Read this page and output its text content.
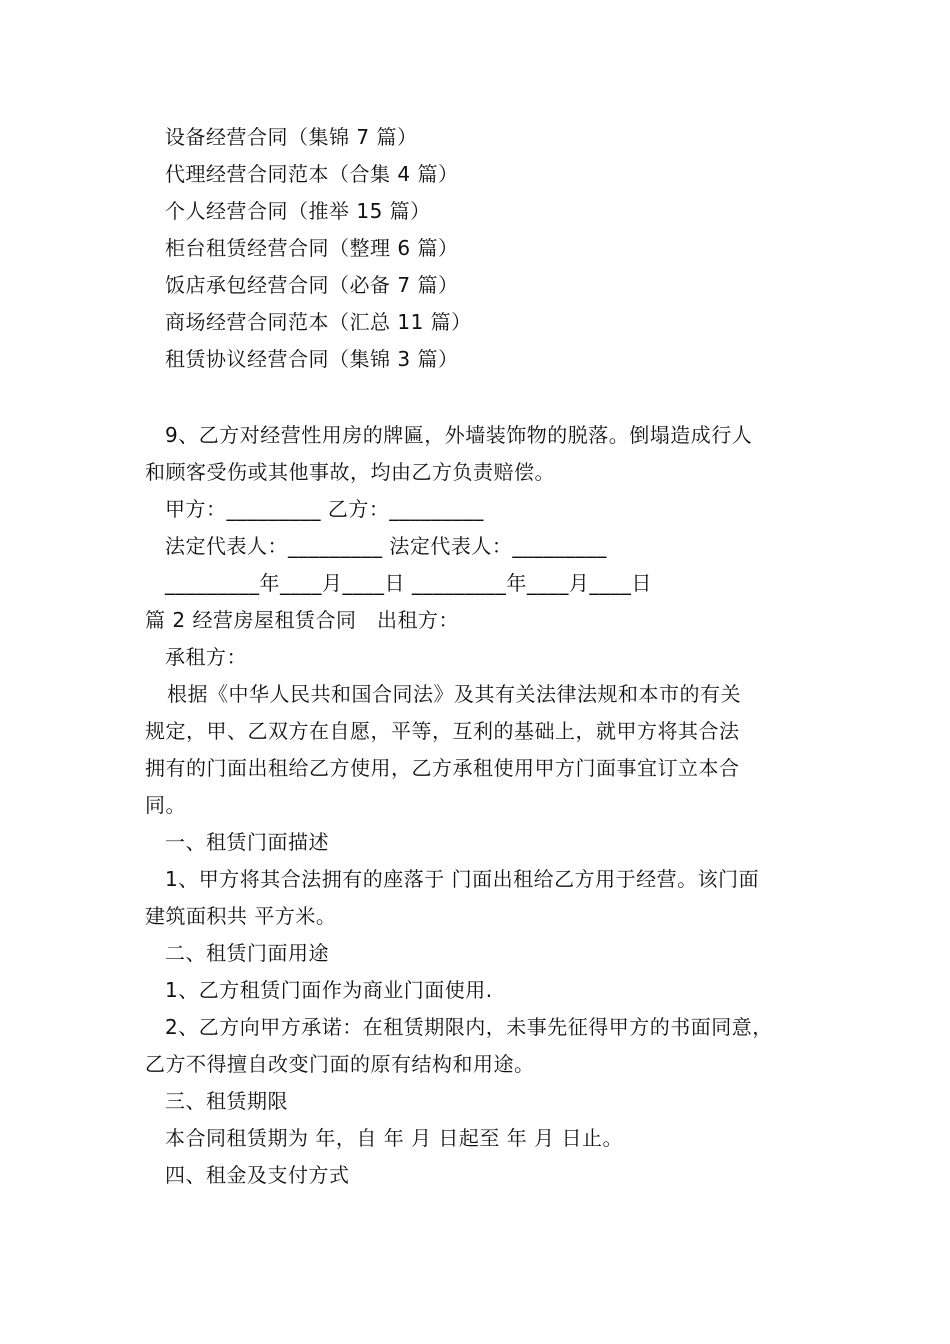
设备经营合同（集锦 7 篇）
代理经营合同范本（合集 4 篇）
个人经营合同（推举 15 篇）
柜台租赁经营合同（整理 6 篇）
饭店承包经营合同（必备 7 篇）
商场经营合同范本（汇总 11 篇）
租赁协议经营合同（集锦 3 篇）
9、乙方对经营性用房的牌匾，外墙装饰物的脱落。倒塌造成行人
和顾客受伤或其他事故，均由乙方负责赔偿。
甲方：_________ 乙方：_________
法定代表人：_________ 法定代表人：_________
_________年____月____日 _________年____月____日
篇 2 经营房屋租赁合同　出租方：
承租方：
根据《中华人民共和国合同法》及其有关法律法规和本市的有关
规定，甲、乙双方在自愿，平等，互利的基础上，就甲方将其合法
拥有的门面出租给乙方使用，乙方承租使用甲方门面事宜订立本合
同。
一、租赁门面描述
1、甲方将其合法拥有的座落于 门面出租给乙方用于经营。该门面
建筑面积共 平方米。
二、租赁门面用途
1、乙方租赁门面作为商业门面使用.
2、乙方向甲方承诺：在租赁期限内，未事先征得甲方的书面同意，
乙方不得擅自改变门面的原有结构和用途。
三、租赁期限
本合同租赁期为 年，自 年 月 日起至 年 月 日止。
四、租金及支付方式
